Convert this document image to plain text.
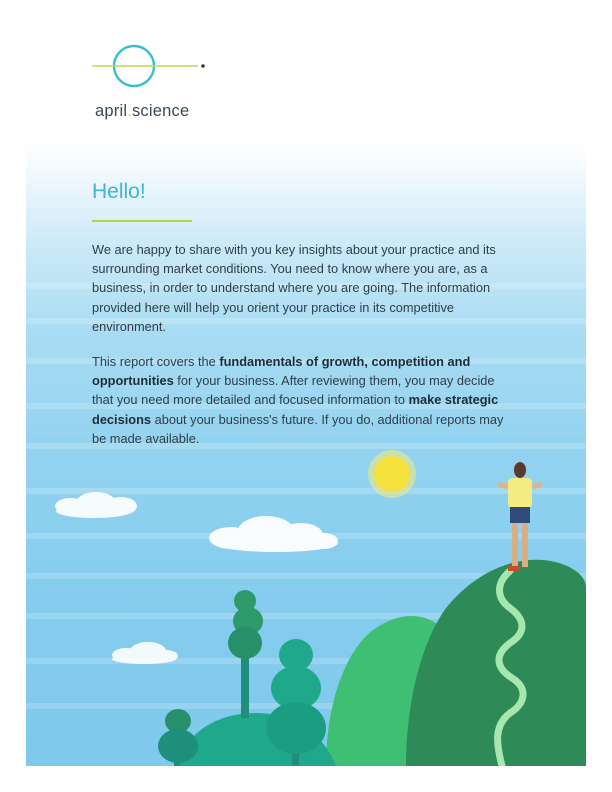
april.science

Hello!

We are happy to share with you key insights about your practice and its surrounding market conditions. You need to know where you are, as a business, in order to understand where you are going. The information provided here will help you orient your practice in its competitive environment.

This report covers the fundamentals of growth, competition and opportunities for your business. After reviewing them, you may decide that you need more detailed and focused information to make strategic decisions about your business's future. If you do, additional reports may be made available.
